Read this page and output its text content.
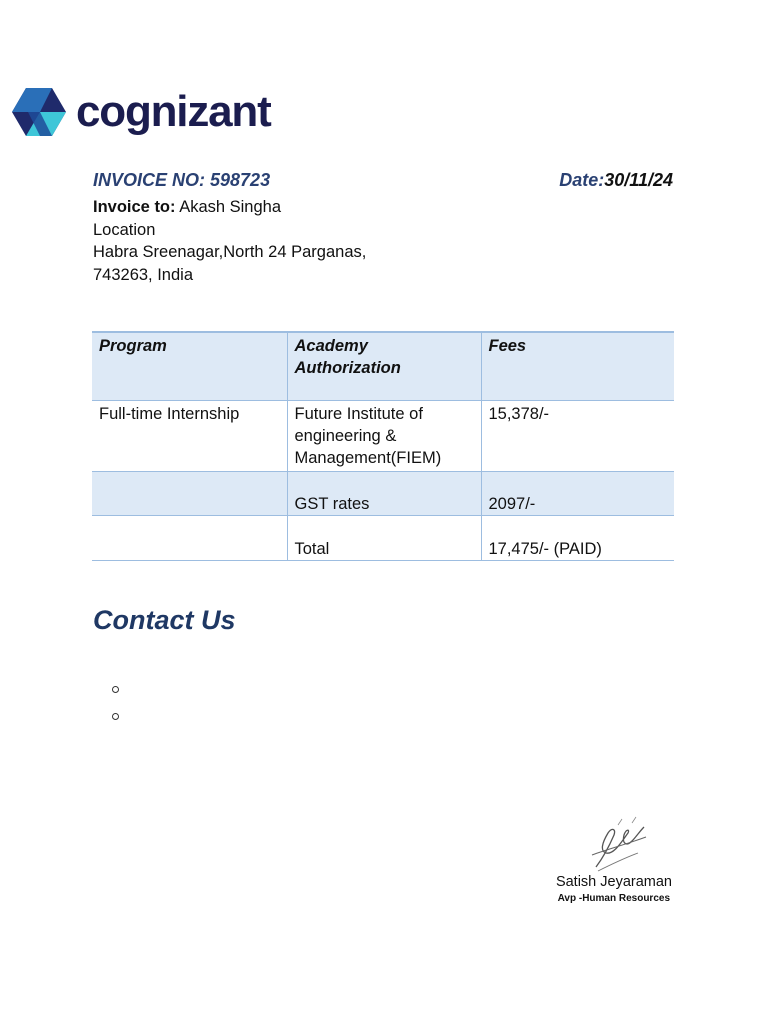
cognizant
INVOICE NO: 598723	Date:30/11/24
Invoice to: Akash Singha
Location
Habra Sreenagar,North 24 Parganas,
743263, India
Program	Academy Authorization	Fees
Full-time Internship	Future Institute of engineering & Management(FIEM)	15,378/-
	GST rates	2097/-
	Total	17,475/- (PAID)
Contact Us
Satish Jeyaraman
Avp -Human Resources
